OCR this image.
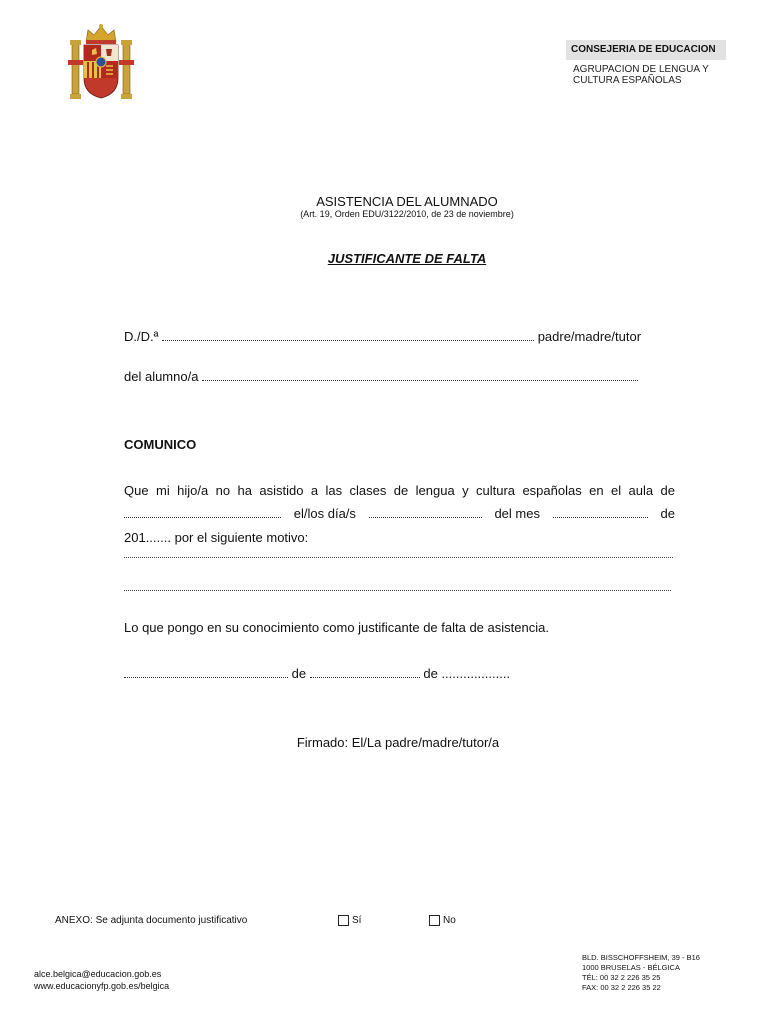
CONSEJERIA DE EDUCACION
AGRUPACION DE LENGUA Y
CULTURA ESPAÑOLAS
ASISTENCIA DEL ALUMNADO
(Art. 19, Orden EDU/3122/2010, de 23 de noviembre)
JUSTIFICANTE DE FALTA
D./D.ª	padre/madre/tutor
del alumno/a
COMUNICO
Que mi hijo/a no ha asistido a las clases de lengua y cultura españolas en el aula de
el/los día/s	del mes	de
201....... por el siguiente motivo:
Lo que pongo en su conocimiento como justificante de falta de asistencia.
de	de ...................
Firmado: El/La padre/madre/tutor/a
ANEXO: Se adjunta documento justificativo	Sí	No
BLD. BISSCHOFFSHEIM, 39 - B16
1000 BRUSELAS - BÉLGICA
TÉL: 00 32 2 226 35 25
FAX: 00 32 2 226 35 22
alce.belgica@educacion.gob.es
www.educacionyfp.gob.es/belgica
